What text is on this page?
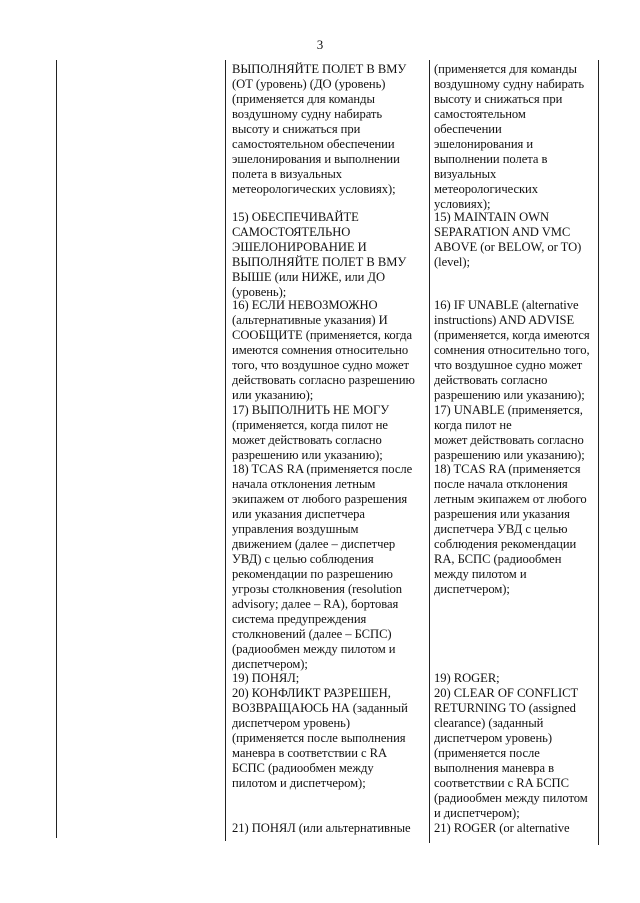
3

ВЫПОЛНЯЙТЕ ПОЛЕТ В ВМУ
(ОТ (уровень) (ДО (уровень)
(применяется для команды
воздушному судну набирать
высоту и снижаться при
самостоятельном обеспечении
эшелонирования и выполнении
полета в визуальных
метеорологических условиях);

(применяется для команды
воздушному судну набирать
высоту и снижаться при
самостоятельном
обеспечении
эшелонирования и
выполнении полета в
визуальных
метеорологических
условиях);

15) ОБЕСПЕЧИВАЙТЕ
САМОСТОЯТЕЛЬНО
ЭШЕЛОНИРОВАНИЕ И
ВЫПОЛНЯЙТЕ ПОЛЕТ В ВМУ
ВЫШЕ (или НИЖЕ, или ДО
(уровень);

15) MAINTAIN OWN
SEPARATION AND VMC
ABOVE (or BELOW, or TO)
(level);

16) ЕСЛИ НЕВОЗМОЖНО
(альтернативные указания) И
СООБЩИТЕ (применяется, когда
имеются сомнения относительно
того, что воздушное судно может
действовать согласно разрешению
или указанию);

16) IF UNABLE (alternative
instructions) AND ADVISE
(применяется, когда имеются
сомнения относительно того,
что воздушное судно может
действовать согласно
разрешению или указанию);

17) ВЫПОЛНИТЬ НЕ МОГУ
(применяется, когда пилот не
может действовать согласно
разрешению или указанию);

17) UNABLE (применяется,
когда пилот не
может действовать согласно
разрешению или указанию);

18) TCAS RA (применяется после
начала отклонения летным
экипажем от любого разрешения
или указания диспетчера
управления воздушным
движением (далее – диспетчер
УВД) с целью соблюдения
рекомендации по разрешению
угрозы столкновения (resolution
advisory; далее – RA), бортовая
система предупреждения
столкновений (далее – БСПС)
(радиообмен между пилотом и
диспетчером);

18) TCAS RA (применяется
после начала отклонения
летным экипажем от любого
разрешения или указания
диспетчера УВД с целью
соблюдения рекомендации
RA, БСПС (радиообмен
между пилотом и
диспетчером);

19) ПОНЯЛ;	19) ROGER;

20) КОНФЛИКТ РАЗРЕШЕН,
ВОЗВРАЩАЮСЬ НА (заданный
диспетчером уровень)
(применяется после выполнения
маневра в соответствии с RA
БСПС (радиообмен между
пилотом и диспетчером);

20) CLEAR OF CONFLICT
RETURNING TO (assigned
clearance) (заданный
диспетчером уровень)
(применяется после
выполнения маневра в
соответствии с RA БСПС
(радиообмен между пилотом
и диспетчером);

21) ПОНЯЛ (или альтернативные 21) ROGER (or alternative
